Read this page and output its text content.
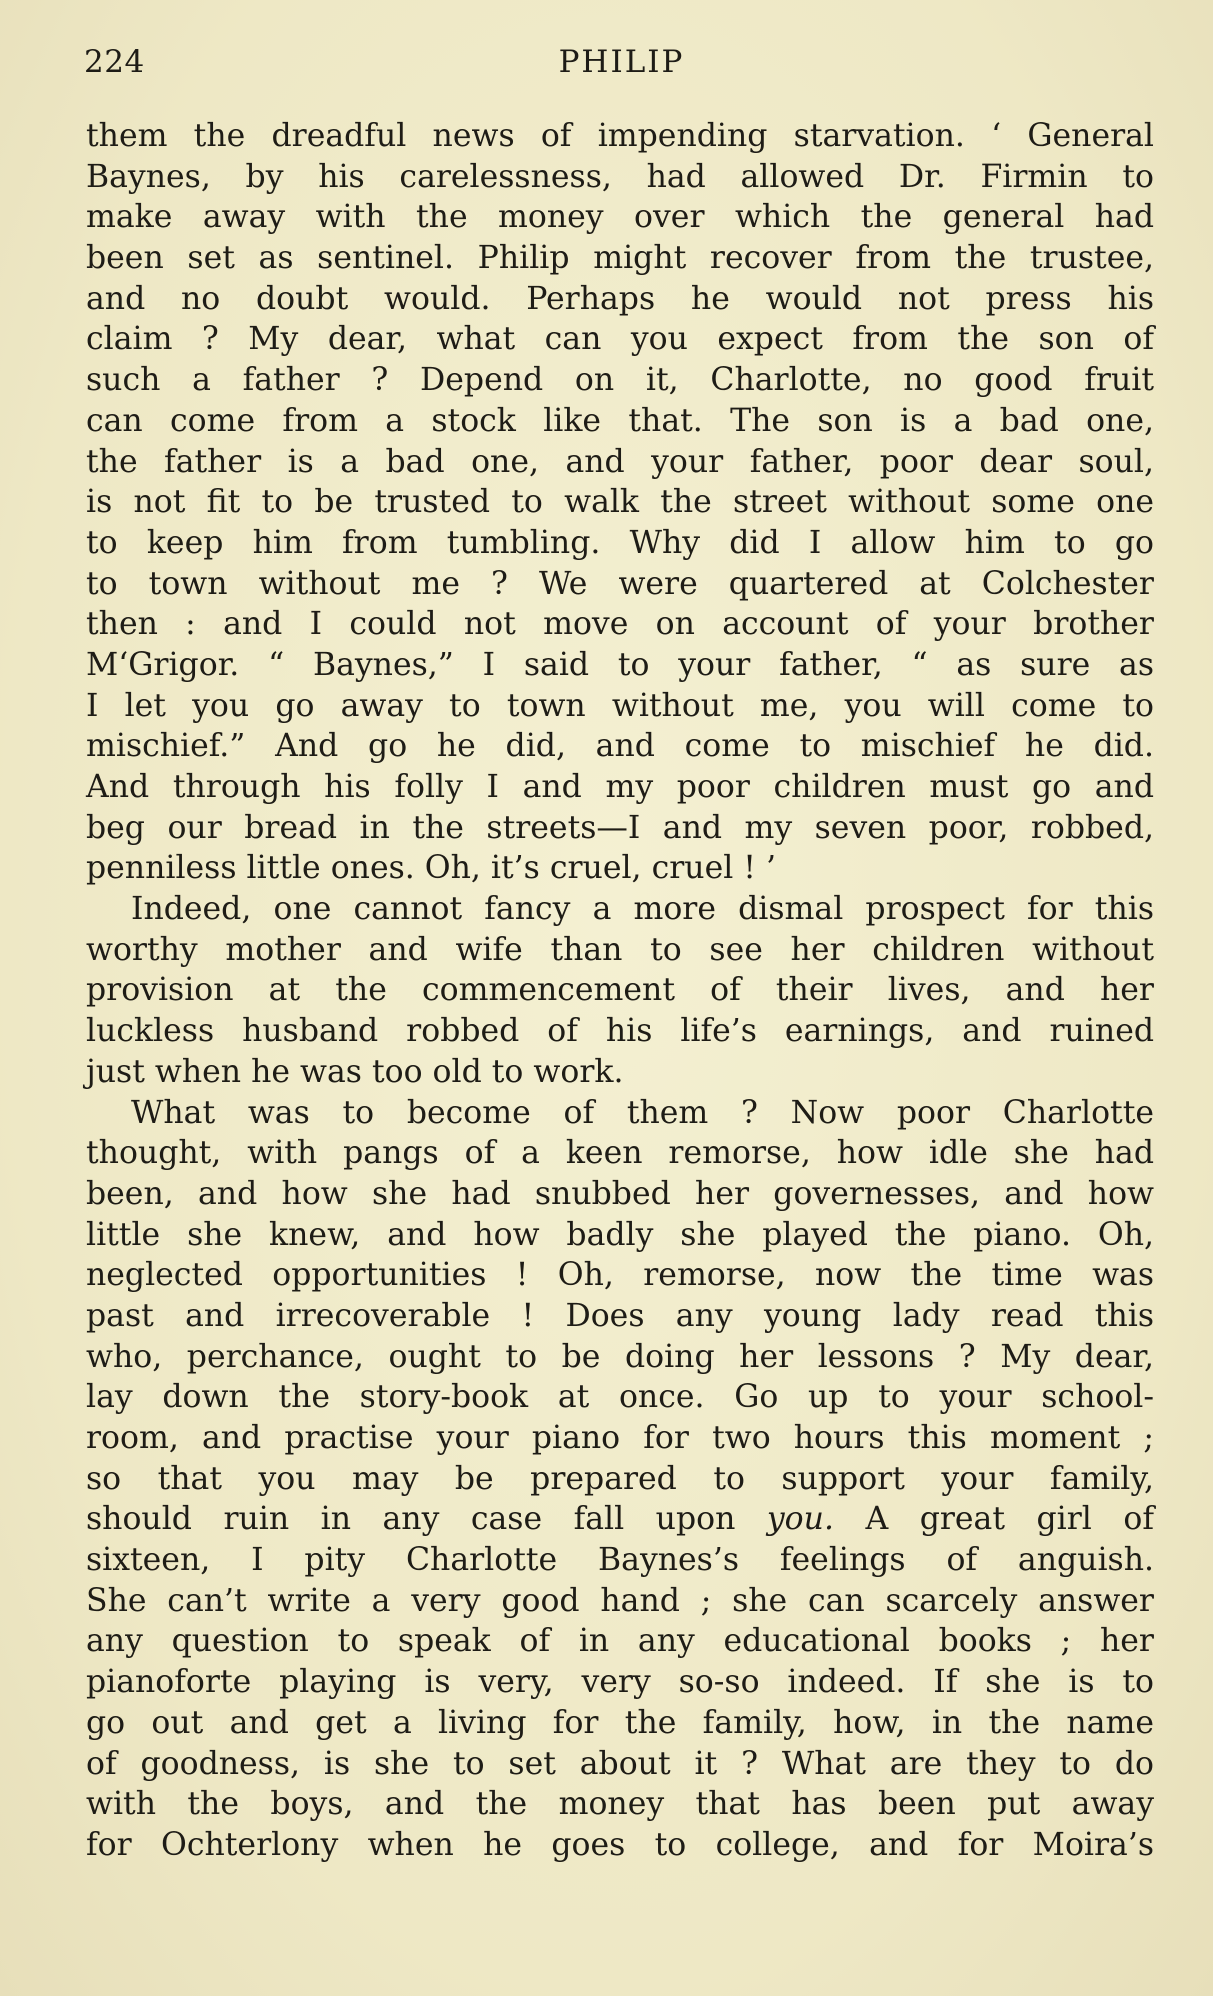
224	PHILIP
them the dreadful news of impending starvation. ‘ General
Baynes, by his carelessness, had allowed Dr. Firmin to
make away with the money over which the general had
been set as sentinel. Philip might recover from the trustee,
and no doubt would. Perhaps he would not press his
claim ? My dear, what can you expect from the son of
such a father ? Depend on it, Charlotte, no good fruit
can come from a stock like that. The son is a bad one,
the father is a bad one, and your father, poor dear soul,
is not fit to be trusted to walk the street without some one
to keep him from tumbling. Why did I allow him to go
to town without me ? We were quartered at Colchester
then : and I could not move on account of your brother
M‘Grigor. “ Baynes,” I said to your father, “ as sure as
I let you go away to town without me, you will come to
mischief.” And go he did, and come to mischief he did.
And through his folly I and my poor children must go and
beg our bread in the streets—I and my seven poor, robbed,
penniless little ones. Oh, it’s cruel, cruel ! ’
Indeed, one cannot fancy a more dismal prospect for this
worthy mother and wife than to see her children without
provision at the commencement of their lives, and her
luckless husband robbed of his life’s earnings, and ruined
just when he was too old to work.
What was to become of them ? Now poor Charlotte
thought, with pangs of a keen remorse, how idle she had
been, and how she had snubbed her governesses, and how
little she knew, and how badly she played the piano. Oh,
neglected opportunities ! Oh, remorse, now the time was
past and irrecoverable ! Does any young lady read this
who, perchance, ought to be doing her lessons ? My dear,
lay down the story-book at once. Go up to your school-
room, and practise your piano for two hours this moment ;
so that you may be prepared to support your family,
should ruin in any case fall upon you. A great girl of
sixteen, I pity Charlotte Baynes’s feelings of anguish.
She can’t write a very good hand ; she can scarcely answer
any question to speak of in any educational books ; her
pianoforte playing is very, very so-so indeed. If she is to
go out and get a living for the family, how, in the name
of goodness, is she to set about it ? What are they to do
with the boys, and the money that has been put away
for Ochterlony when he goes to college, and for Moira’s
